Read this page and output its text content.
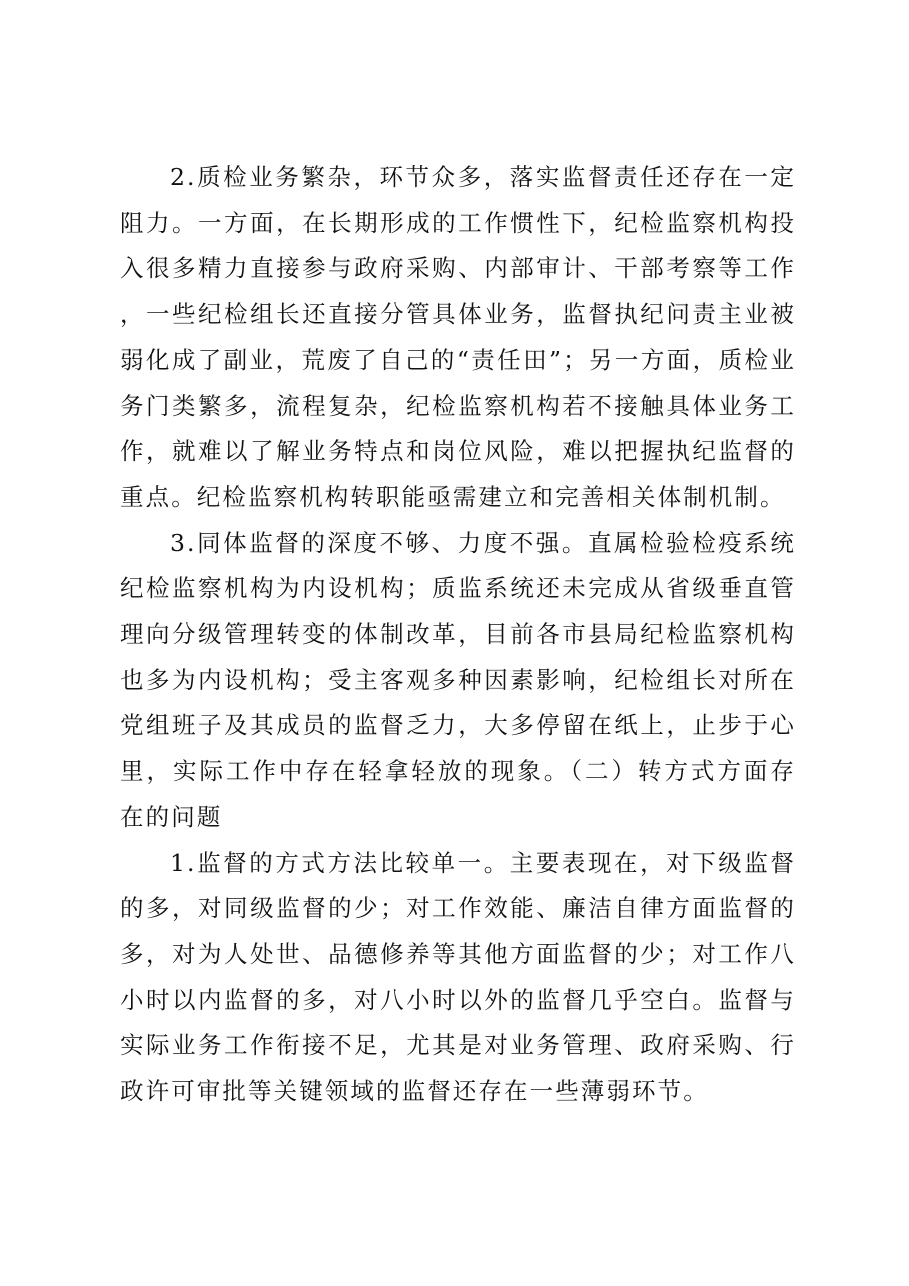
2.质检业务繁杂，环节众多，落实监督责任还存在一定阻力。一方面，在长期形成的工作惯性下，纪检监察机构投入很多精力直接参与政府采购、内部审计、干部考察等工作，一些纪检组长还直接分管具体业务，监督执纪问责主业被弱化成了副业，荒废了自己的“责任田”；另一方面，质检业务门类繁多，流程复杂，纪检监察机构若不接触具体业务工作，就难以了解业务特点和岗位风险，难以把握执纪监督的重点。纪检监察机构转职能亟需建立和完善相关体制机制。

3.同体监督的深度不够、力度不强。直属检验检疫系统纪检监察机构为内设机构；质监系统还未完成从省级垂直管理向分级管理转变的体制改革，目前各市县局纪检监察机构也多为内设机构；受主客观多种因素影响，纪检组长对所在党组班子及其成员的监督乏力，大多停留在纸上，止步于心里，实际工作中存在轻拿轻放的现象。（二）转方式方面存在的问题

1.监督的方式方法比较单一。主要表现在，对下级监督的多，对同级监督的少；对工作效能、廉洁自律方面监督的多，对为人处世、品德修养等其他方面监督的少；对工作八小时以内监督的多，对八小时以外的监督几乎空白。监督与实际业务工作衔接不足，尤其是对业务管理、政府采购、行政许可审批等关键领域的监督还存在一些薄弱环节。
